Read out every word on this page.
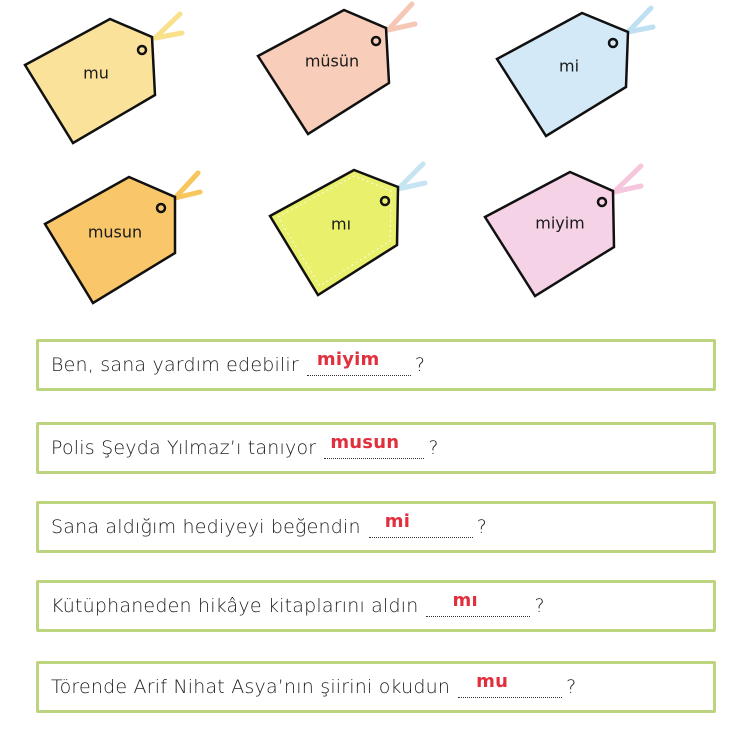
mu
müsün	mi
musun	mı	miyim
Ben, sana yardım edebilir miyim ?
Polis Şeyda Yılmaz’ı tanıyor musun ?
Sana aldığım hediyeyi beğendin mi	?
Kütüphaneden hikâye kitaplarını aldın mı	?
Törende Arif Nihat Asya’nın şiirini okudun mu	?
